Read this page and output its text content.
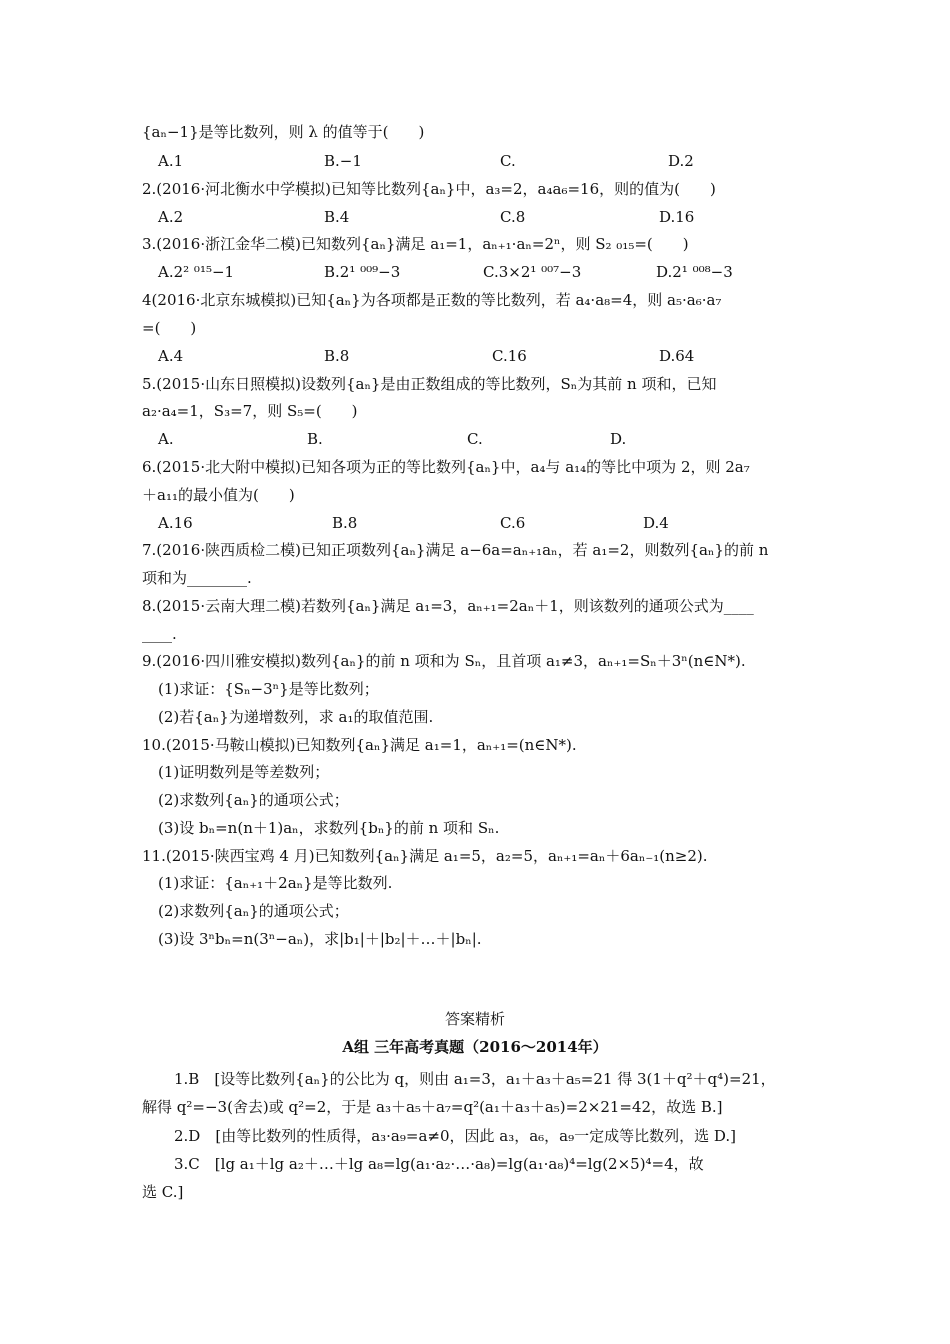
{aₙ−1}是等比数列，则 λ 的值等于(　　)
A.1	B.−1	C.	D.2
2.(2016·河北衡水中学模拟)已知等比数列{aₙ}中，a₃=2，a₄a₆=16，则的值为(　　)
A.2	B.4	C.8	D.16
3.(2016·浙江金华二模)已知数列{aₙ}满足 a₁=1，aₙ₊₁·aₙ=2ⁿ，则 S₂ ₀₁₅=(　　)
A.2² ⁰¹⁵−1	B.2¹ ⁰⁰⁹−3	C.3×2¹ ⁰⁰⁷−3	D.2¹ ⁰⁰⁸−3
4(2016·北京东城模拟)已知{aₙ}为各项都是正数的等比数列，若 a₄·a₈=4，则 a₅·a₆·a₇
=(　　)
A.4	B.8	C.16	D.64
5.(2015·山东日照模拟)设数列{aₙ}是由正数组成的等比数列，Sₙ为其前 n 项和，已知
a₂·a₄=1，S₃=7，则 S₅=(　　)
A.	B.	C.	D.
6.(2015·北大附中模拟)已知各项为正的等比数列{aₙ}中，a₄与 a₁₄的等比中项为 2，则 2a₇
＋a₁₁的最小值为(　　)
A.16	B.8	C.6	D.4
7.(2016·陕西质检二模)已知正项数列{aₙ}满足 a−6a=aₙ₊₁aₙ，若 a₁=2，则数列{aₙ}的前 n
项和为________.
8.(2015·云南大理二模)若数列{aₙ}满足 a₁=3，aₙ₊₁=2aₙ＋1，则该数列的通项公式为____
____.
9.(2016·四川雅安模拟)数列{aₙ}的前 n 项和为 Sₙ，且首项 a₁≠3，aₙ₊₁=Sₙ＋3ⁿ(n∈N*).
(1)求证：{Sₙ−3ⁿ}是等比数列；
(2)若{aₙ}为递增数列，求 a₁的取值范围.
10.(2015·马鞍山模拟)已知数列{aₙ}满足 a₁=1，aₙ₊₁=(n∈N*).
(1)证明数列是等差数列；
(2)求数列{aₙ}的通项公式；
(3)设 bₙ=n(n＋1)aₙ，求数列{bₙ}的前 n 项和 Sₙ.
11.(2015·陕西宝鸡 4 月)已知数列{aₙ}满足 a₁=5，a₂=5，aₙ₊₁=aₙ＋6aₙ₋₁(n≥2).
(1)求证：{aₙ₊₁＋2aₙ}是等比数列.
(2)求数列{aₙ}的通项公式；
(3)设 3ⁿbₙ=n(3ⁿ−aₙ)，求|b₁|＋|b₂|＋…＋|bₙ|.
答案精析
A组 三年高考真题（2016～2014年）
1.B　[设等比数列{aₙ}的公比为 q，则由 a₁=3，a₁＋a₃＋a₅=21 得 3(1＋q²＋q⁴)=21，
解得 q²=−3(舍去)或 q²=2，于是 a₃＋a₅＋a₇=q²(a₁＋a₃＋a₅)=2×21=42，故选 B.]
2.D　[由等比数列的性质得，a₃·a₉=a≠0，因此 a₃，a₆，a₉一定成等比数列，选 D.]
3.C　[lg a₁＋lg a₂＋…＋lg a₈=lg(a₁·a₂·…·a₈)=lg(a₁·a₈)⁴=lg(2×5)⁴=4，故
选 C.]
